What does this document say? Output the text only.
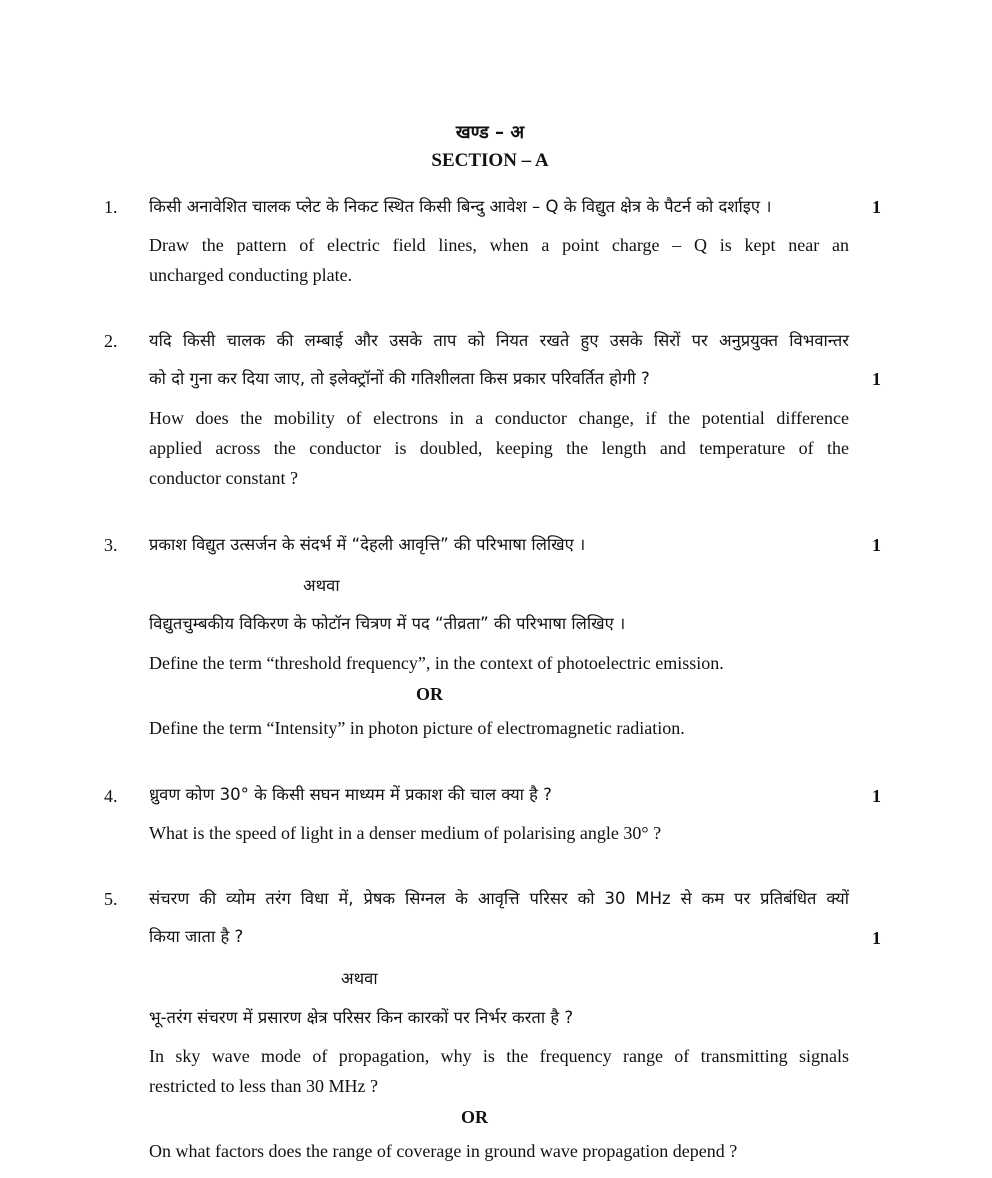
खण्ड – अ
SECTION – A
1. किसी अनावेशित चालक प्लेट के निकट स्थित किसी बिन्दु आवेश – Q के विद्युत क्षेत्र के पैटर्न को दर्शाइए ।	1
Draw the pattern of electric field lines, when a point charge – Q is kept near an
uncharged conducting plate.
2. यदि किसी चालक की लम्बाई और उसके ताप को नियत रखते हुए उसके सिरों पर अनुप्रयुक्त विभवान्तर
को दो गुना कर दिया जाए, तो इलेक्ट्रॉनों की गतिशीलता किस प्रकार परिवर्तित होगी ?	1
How does the mobility of electrons in a conductor change, if the potential difference
applied across the conductor is doubled, keeping the length and temperature of the
conductor constant ?
3. प्रकाश विद्युत उत्सर्जन के संदर्भ में “देहली आवृत्ति” की परिभाषा लिखिए ।	1
अथवा
विद्युतचुम्बकीय विकिरण के फोटॉन चित्रण में पद “तीव्रता” की परिभाषा लिखिए ।
Define the term “threshold frequency”, in the context of photoelectric emission.
OR
Define the term “Intensity” in photon picture of electromagnetic radiation.
4. ध्रुवण कोण 30° के किसी सघन माध्यम में प्रकाश की चाल क्या है ?	1
What is the speed of light in a denser medium of polarising angle 30° ?
5. संचरण की व्योम तरंग विधा में, प्रेषक सिग्नल के आवृत्ति परिसर को 30 MHz से कम पर प्रतिबंधित क्यों
किया जाता है ?	1
अथवा
भू-तरंग संचरण में प्रसारण क्षेत्र परिसर किन कारकों पर निर्भर करता है ?
In sky wave mode of propagation, why is the frequency range of transmitting signals
restricted to less than 30 MHz ?
OR
On what factors does the range of coverage in ground wave propagation depend ?
